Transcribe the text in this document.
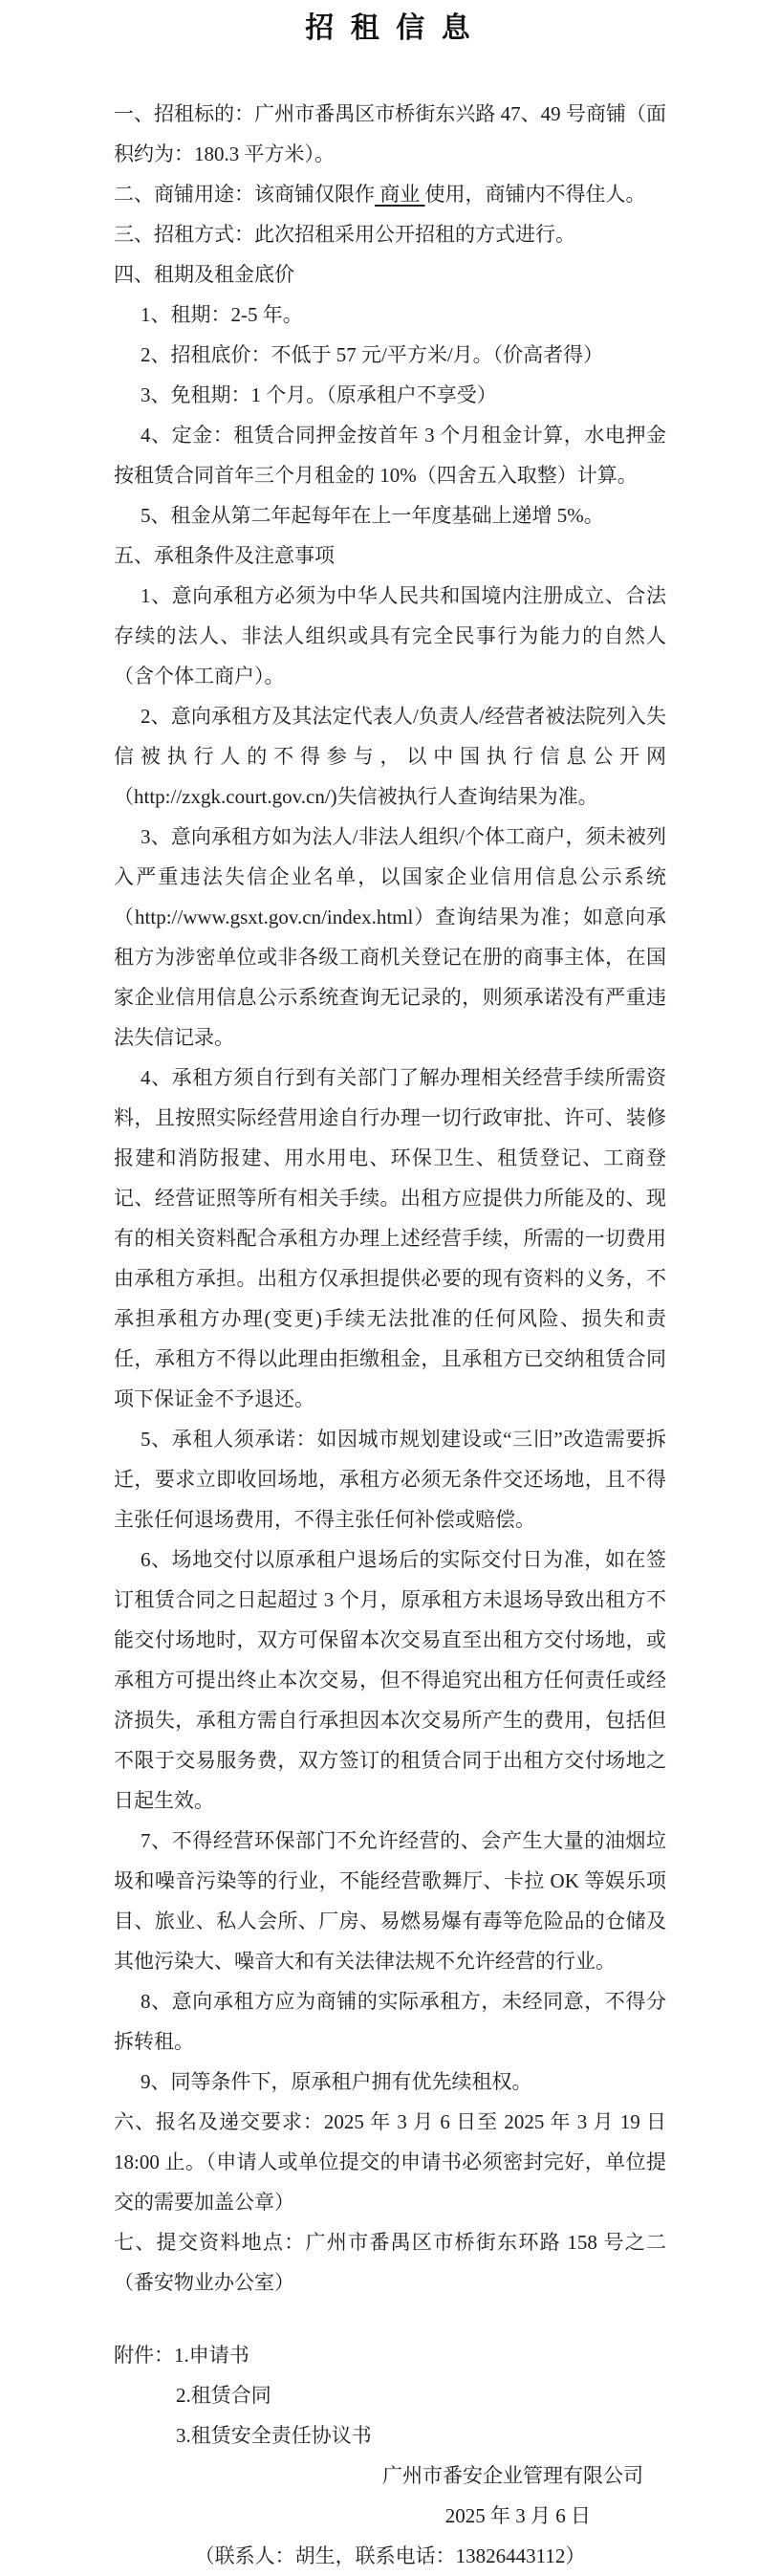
招 租 信 息

一、招租标的：广州市番禺区市桥街东兴路 47、49 号商铺（面积约为：180.3 平方米）。

二、商铺用途：该商铺仅限作 商业 使用，商铺内不得住人。

三、招租方式：此次招租采用公开招租的方式进行。

四、租期及租金底价

1、租期：2-5 年。

2、招租底价：不低于 57 元/平方米/月。（价高者得）

3、免租期：1 个月。（原承租户不享受）

4、定金：租赁合同押金按首年 3 个月租金计算，水电押金按租赁合同首年三个月租金的 10%（四舍五入取整）计算。

5、租金从第二年起每年在上一年度基础上递增 5%。

五、承租条件及注意事项

1、意向承租方必须为中华人民共和国境内注册成立、合法存续的法人、非法人组织或具有完全民事行为能力的自然人（含个体工商户）。

2、意向承租方及其法定代表人/负责人/经营者被法院列入失信被执行人的不得参与，以中国执行信息公开网（http://zxgk.court.gov.cn/)失信被执行人查询结果为准。

3、意向承租方如为法人/非法人组织/个体工商户，须未被列入严重违法失信企业名单，以国家企业信用信息公示系统（http://www.gsxt.gov.cn/index.html）查询结果为准；如意向承租方为涉密单位或非各级工商机关登记在册的商事主体，在国家企业信用信息公示系统查询无记录的，则须承诺没有严重违法失信记录。

4、承租方须自行到有关部门了解办理相关经营手续所需资料，且按照实际经营用途自行办理一切行政审批、许可、装修报建和消防报建、用水用电、环保卫生、租赁登记、工商登记、经营证照等所有相关手续。出租方应提供力所能及的、现有的相关资料配合承租方办理上述经营手续，所需的一切费用由承租方承担。出租方仅承担提供必要的现有资料的义务，不承担承租方办理(变更)手续无法批准的任何风险、损失和责任，承租方不得以此理由拒缴租金，且承租方已交纳租赁合同项下保证金不予退还。

5、承租人须承诺：如因城市规划建设或“三旧”改造需要拆迁，要求立即收回场地，承租方必须无条件交还场地，且不得主张任何退场费用，不得主张任何补偿或赔偿。

6、场地交付以原承租户退场后的实际交付日为准，如在签订租赁合同之日起超过 3 个月，原承租方未退场导致出租方不能交付场地时，双方可保留本次交易直至出租方交付场地，或承租方可提出终止本次交易，但不得追究出租方任何责任或经济损失，承租方需自行承担因本次交易所产生的费用，包括但不限于交易服务费，双方签订的租赁合同于出租方交付场地之日起生效。

7、不得经营环保部门不允许经营的、会产生大量的油烟垃圾和噪音污染等的行业，不能经营歌舞厅、卡拉 OK 等娱乐项目、旅业、私人会所、厂房、易燃易爆有毒等危险品的仓储及其他污染大、噪音大和有关法律法规不允许经营的行业。

8、意向承租方应为商铺的实际承租方，未经同意，不得分拆转租。

9、同等条件下，原承租户拥有优先续租权。

六、报名及递交要求：2025 年 3 月 6 日至 2025 年 3 月 19 日 18:00 止。（申请人或单位提交的申请书必须密封完好，单位提交的需要加盖公章）

七、提交资料地点：广州市番禺区市桥街东环路 158 号之二（番安物业办公室）

附件：1.申请书

2.租赁合同

3.租赁安全责任协议书

广州市番安企业管理有限公司

2025 年 3 月 6 日

（联系人：胡生，联系电话：13826443112）
